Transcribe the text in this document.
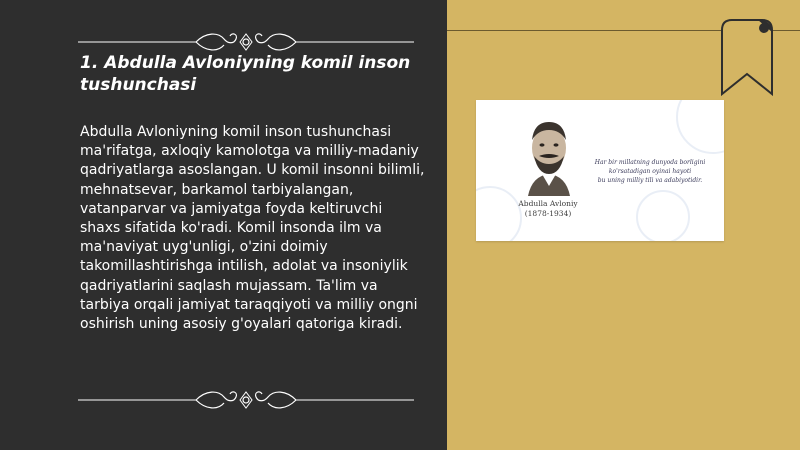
1. Abdulla Avloniyning komil inson tushunchasi

Abdulla Avloniyning komil inson tushunchasi ma'rifatga, axloqiy kamolotga va milliy-madaniy qadriyatlarga asoslangan. U komil insonni bilimli, mehnatsevar, barkamol tarbiyalangan, vatanparvar va jamiyatga foyda keltiruvchi shaxs sifatida ko'radi. Komil insonda ilm va ma'naviyat uyg'unligi, o'zini doimiy takomillashtirishga intilish, adolat va insoniylik qadriyatlarini saqlash mujassam. Ta'lim va tarbiya orqali jamiyat taraqqiyoti va milliy ongni oshirish uning asosiy g'oyalari qatoriga kiradi.

Abdulla Avloniy
(1878-1934)
Har bir millatning dunyoda borligini
ko'rsatadigan oyinai hayoti
bu uning milliy tili va adabiyotidir.
